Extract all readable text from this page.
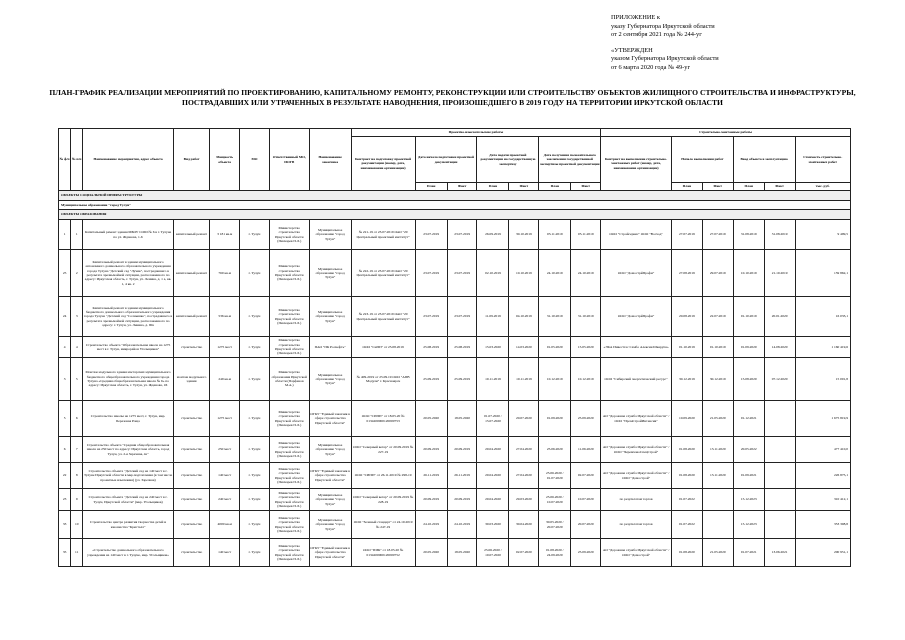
ПРИЛОЖЕНИЕ к
указу Губернатора Иркутской области
от 2 сентября 2021 года № 244-уг
«УТВЕРЖДЕН
указом Губернатора Иркутской области
от 6 марта 2020 года № 49-уг
ПЛАН-ГРАФИК РЕАЛИЗАЦИИ МЕРОПРИЯТИЙ ПО ПРОЕКТИРОВАНИЮ, КАПИТАЛЬНОМУ РЕМОНТУ, РЕКОНСТРУКЦИИ ИЛИ СТРОИТЕЛЬСТВУ ОБЪЕКТОВ ЖИЛИЩНОГО СТРОИТЕЛЬСТВА И ИНФРАСТРУКТУРЫ, ПОСТРАДАВШИХ ИЛИ УТРАЧЕННЫХ В РЕЗУЛЬТАТЕ НАВОДНЕНИЯ, ПРОИЗОШЕДШЕГО В 2019 ГОДУ НА ТЕРРИТОРИИ ИРКУТСКОЙ ОБЛАСТИ
№ ф/п	№ п/п	Наименование мероприятия, адрес объекта	Вид работ	Мощность объекта	МО	Ответственный МО, ИОГВ	Наименование заказчика	Проектно-изыскательские работы							Строительно-монтажные работы					
								Контракт на подготовку проектной документации (номер, дата, наименование организации)	Дата начала подготовки проектной документации		Дата подачи проектной документации на государственную экспертизу		Дата получения положительного заключения государственной экспертизы проектной документации		Контракт на выполнение строительно-монтажных работ (номер, дата, наименование организации)	Начало выполнения работ		Ввод объекта в эксплуатацию		Стоимость строительно-монтажных работ
									План	Факт	План	Факт	План	Факт		План	Факт	План	Факт	тыс. руб.
ОБЪЕКТЫ СОЦИАЛЬНОЙ ИНФРАСТРУКТУРЫ																				
Муниципальное образование "город Тулун"																				
ОБЪЕКТЫ ОБРАЗОВАНИЯ																				
1	1	Капитальный ремонт здания МБОУ СОШ № 6 в г. Тулуне по ул. Жданова, 1-6	капитальный ремонт	3 181 кв.м	г. Тулун	Министерство строительства Иркутской области (Пискарев П.Л.)	Муниципальное образование "город Тулун"	№ 221-19 от 23.07.2019 ОАО "20 Центральный проектный институт"	23.07.2019	23.07.2019	26.09.2019	30.10.2019	03.11.2019	05.11.2019	ООО "Стройсервис" ООО "Восход"	27.07.2019	27.07.2019	31.08.2019	31.08.2019	9 499,5
25	2	Капитальный ремонт в здании муниципального автономного дошкольного образовательного учреждения города Тулуна "Детский сад "Лучик", пострадавшего в результате чрезвычайной ситуации, расположенного по адресу: Иркутская область, г. Тулун, ул. Ленина, д. 1 а, кв. 1, 4 кв. 2	капитальный ремонт	760 кв.м	г. Тулун	Министерство строительства Иркутской области (Пискарев П.Л.)	Муниципальное образование "город Тулун"	№ 222-19 от 23.07.2019 ОАО "20 Центральный проектный институт"	23.07.2019	23.07.2019	02.10.2019	10.10.2019	24.10.2019	24.10.2019	ООО "ДомострйПрофи"	27.08.2019	29.07.2019	10.10.2019	21.10.2019	159 862,1
24	3	Капитальный ремонт в здании муниципального бюджетного дошкольного образовательного учреждения города Тулуна "Детский сад "Солнышко", пострадавшего в результате чрезвычайной ситуации, расположенного по адресу: г. Тулун, ул. Ленина, д. 90а	капитальный ремонт	536 кв.м	г. Тулун	Министерство строительства Иркутской области (Пискарев П.Л.)	Муниципальное образование "город Тулун"	№ 223-19 от 23.07.2019 ОАО "20 Центральный проектный институт"	23.07.2019	23.07.2019	11.09.2019	04.10.2019	31.10.2019	31.10.2019	ООО "ДомострйПрофи"	20.08.2019	22.07.2019	01.10.2019	20.01.2020	16 033,1
4	4	Строительство объекта "Образовательная школа на 1275 мест в г. Тулун, микрорайон Угольщиков"	строительство	1275 мест	г. Тулун	Министерство строительства Иркутской области (Пискарев П.Л.)	ПАО "ПК Роснефть"	ООО "СиПП" от 25.08.2019	25.08.2019	25.08.2019	15.03.2020	14.03.2020	01.05.2020	15.05.2020	«ЭКА Инвестгас Самбо Алексия Шкарупа»	01.10.2019	01.10.2019	01.09.2020	14.08.2020	1 160 419,6
3	5	Монтаж модульного здания мастерских муниципального бюджетного общеобразовательного учреждения города Тулуна «Средняя общеобразовательная школа № 6» по адресу: Иркутская область, г. Тулун, ул. Жданова, 1Б	монтаж модульного здания	249 кв.м	г. Тулун	Министерство образования Иркутской области (Парфенов М.А.)	Муниципальное образование "город Тулун"	№ 409-2019 от 25.09.19 ООО "АПВ Модули" г. Красноярск	25.09.2019	25.09.2019	10.11.2019	10.11.2019	10.12.2019	10.12.2019	ООО "Сибирский энергетический ресурс"	30.12.2019	30.12.2019	15.08.2020	07.12.2020	15 001,8
5	6	Строительство школы на 1275 мест, г. Тулун, мкр. Березовая Роща	строительство	1275 мест	г. Тулун	Министерство строительства Иркутской области (Пискарев П.Л.)	ОГКУ "Единый заказчик в сфере строительства Иркутской области"	ООО "СИПП" от 18.05.20 № 0134200000120000753	20.05.2020	18.05.2020	01.07.2020 / 15.07.2020	20.07.2020	01.09.2020	25.09.2020	АО "Дорожная служба Иркутской области" / ООО "ПромСтройИнтенсив"	10.09.2020	21.05.2020	01.12.2021		1 675 819,9
6	7	Строительство объекта "Средняя общеобразовательная школа на 250 мест по адресу: Иркутская область, город Тулун, ул. 2-я Заречная, 4а"	строительство	250 мест	г. Тулун	Министерство строительства Иркутской области (Пискарев П.Л.)	Муниципальное образование "город Тулун"	ООО "Северный ветер" от 20.09.2019 № 227-19	20.09.2019	20.09.2019	20.04.2020	27.04.2020	25.06.2020	11.06.2020	АО "Дорожная служба Иркутской области" / ООО "ЧеремховоСпецСтрой"	01.08.2020	13.11.2020	20.05.2022		477 410,0
22	8	Строительство объекта "Детский сад на 140 мест в г. Тулуне Иркутской области в мкр.подтопления (в том числе проектные изыскания) (ул. Заречная)	строительство	140 мест	г. Тулун	Министерство строительства Иркутской области (Пискарев П.Л.)	ОГКУ "Единый заказчик в сфере строительства Иркутской области"	ООО "СИПП" от 26.11.2019 № 298-19	26.11.2019	26.11.2019	20.04.2020	27.04.2020	25.06.2020 / 01.07.2020	02.07.2020	АО "Дорожная служба Иркутской области" / ООО "Домострой"	01.08.2020	13.11.2020	01.09.2021		226 875,1
23	9	Строительство объекта "Детский сад на 240 мест в г. Тулун, Иркутской области" (мкр. Угольщиков)	строительство	240 мест	г. Тулун	Министерство строительства Иркутской области (Пискарев П.Л.)	Муниципальное образование "город Тулун"	ООО "Северный ветер" от 20.09.2019 № 228-19	20.09.2019	20.09.2019	20.04.2020	29.03.2020	25.06.2020 / 10.07.2020	10.07.2020	по результатам торгов	01.07.2022		15.12.2023		310 412,1
33	10	Строительство центра развития творчества детей и юношества "Кристалл"	строительство	4000 кв.м	г. Тулун	Министерство строительства Иркутской области (Пискарев П.Л.)	Муниципальное образование "город Тулун"	ООО "Зеленый стандарт" от 24.10.2019 № 247-19	24.10.2019	24.10.2019	30.03.2020	30.04.2020	30.05.2020 / 20.07.2020	20.07.2020	по результатам торгов	01.07.2022		15.12.2023		353 308,8
35	11	«Строительство дошкольного образовательного учреждения на 140 мест в г. Тулуне, мкр. Угольщиков»	строительство	140 мест	г. Тулун	Министерство строительства Иркутской области (Пискарев П.Л.)	ОГКУ "Единый заказчик в сфере строительства Иркутской области"	ООО "ПИК" от 18.05.20 № 0134200000120000752	20.05.2020	18.05.2020	25.06.2020 / 10.07.2020	02.07.2020	01.08.2020 / 24.09.2020	25.09.2020	АО "Дорожная служба Иркутской области" / ООО "Домострой"	01.08.2020	21.05.2020	01.07.2021	13.06.2021	200 951,1
